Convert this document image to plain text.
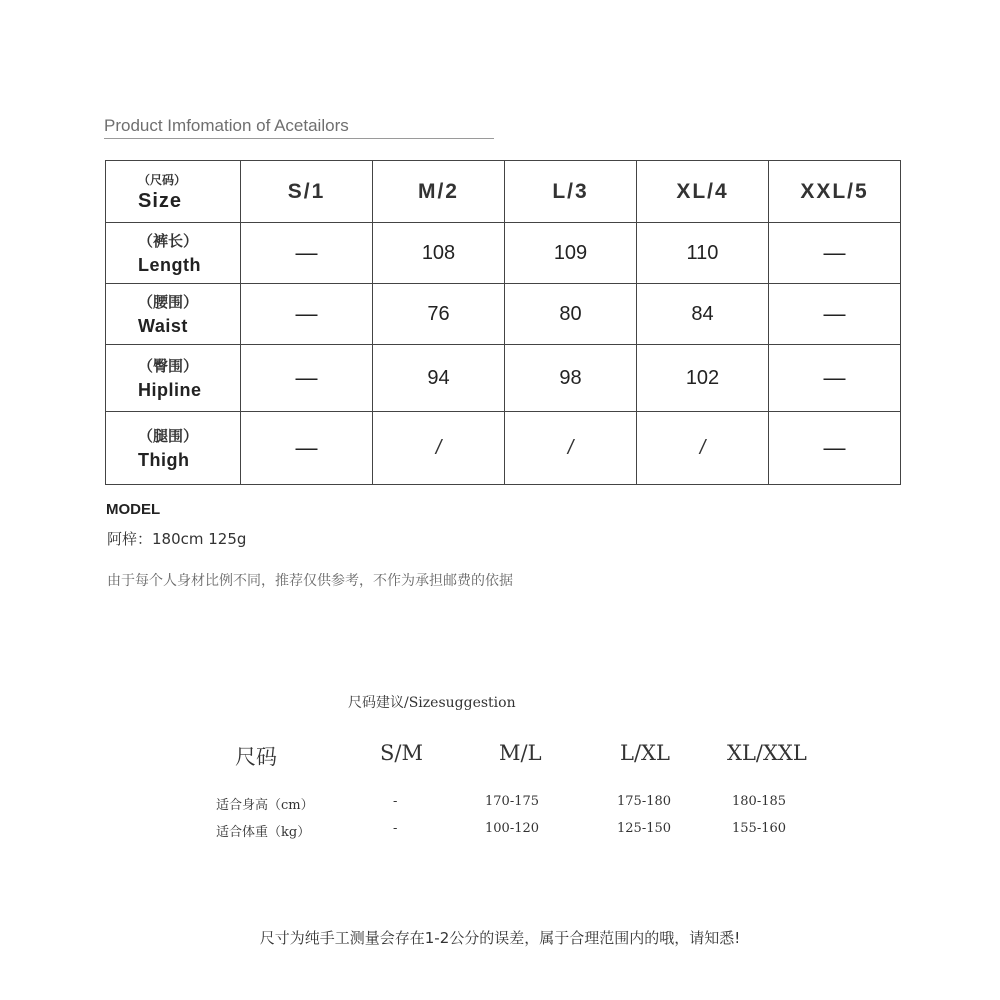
Product Imfomation of Acetailors
（尺码）
Size	S/1	M/2	L/3	XL/4	XXL/5

（裤长）
Length	—	108	109	110	—

（腰围）
Waist	—	76	80	84	—

（臀围）
Hipline	—	94	98	102	—

（腿围）
Thigh	—	/	/	/	—
MODEL
阿梓：180cm 125g
由于每个人身材比例不同，推荐仅供参考，不作为承担邮费的依据
尺码建议/Sizesuggestion
尺码	S/M	M/L	L/XL	XL/XXL
适合身高（cm）	-	170-175	175-180	180-185
适合体重（kg）	-	100-120	125-150	155-160
尺寸为纯手工测量会存在1-2公分的误差，属于合理范围内的哦，请知悉!
